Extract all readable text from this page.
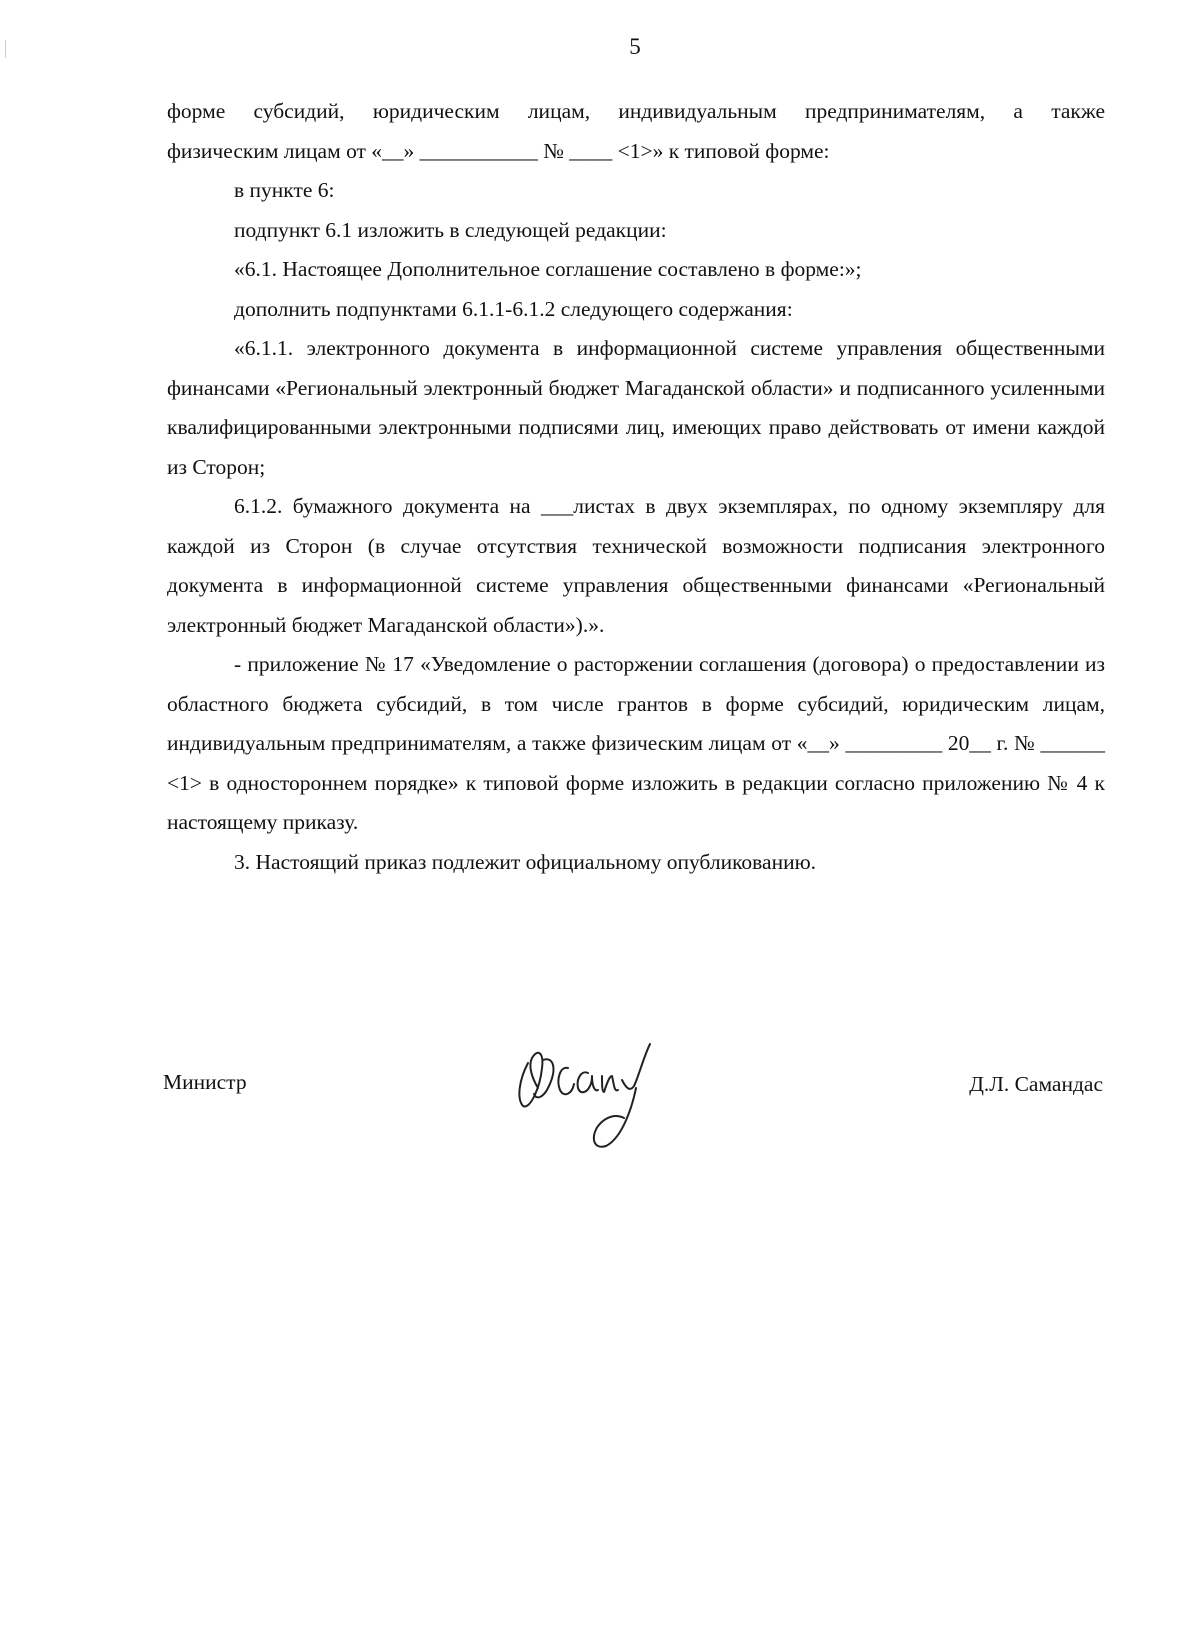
5

форме субсидий, юридическим лицам, индивидуальным предпринимателям, а также

физическим лицам от «__» ___________ № ____ <1>» к типовой форме:

в пункте 6:

подпункт 6.1 изложить в следующей редакции:

«6.1. Настоящее Дополнительное соглашение составлено в форме:»;

дополнить подпунктами 6.1.1-6.1.2 следующего содержания:

«6.1.1. электронного документа в информационной системе управления общественными финансами «Региональный электронный бюджет Магаданской области» и подписанного усиленными квалифицированными электронными подписями лиц, имеющих право действовать от имени каждой из Сторон;

6.1.2. бумажного документа на ___листах в двух экземплярах, по одному экземпляру для каждой из Сторон (в случае отсутствия технической возможности подписания электронного документа в информационной системе управления общественными финансами «Региональный электронный бюджет Магаданской области»).».

- приложение № 17 «Уведомление о расторжении соглашения (договора) о предоставлении из областного бюджета субсидий, в том числе грантов в форме субсидий, юридическим лицам, индивидуальным предпринимателям, а также физическим лицам от «__» _________ 20__ г. № ______ <1> в одностороннем порядке» к типовой форме изложить в редакции согласно приложению № 4 к настоящему приказу.

3. Настоящий приказ подлежит официальному опубликованию.

Министр	Д.Л. Самандас
